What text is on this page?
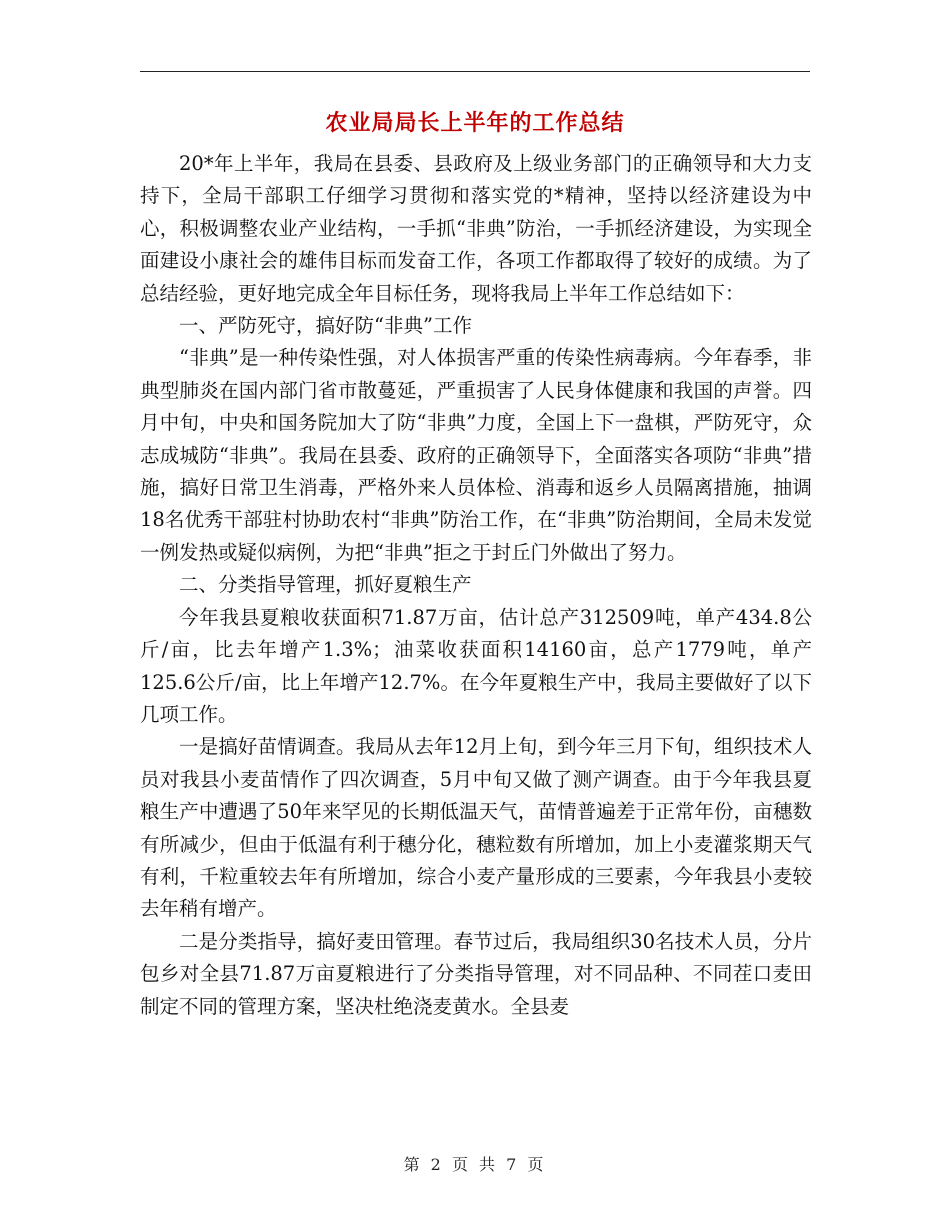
农业局局长上半年的工作总结

20*年上半年，我局在县委、县政府及上级业务部门的正确领导和大力支持下，全局干部职工仔细学习贯彻和落实党的*精神，坚持以经济建设为中心，积极调整农业产业结构，一手抓“非典”防治，一手抓经济建设，为实现全面建设小康社会的雄伟目标而发奋工作，各项工作都取得了较好的成绩。为了总结经验，更好地完成全年目标任务，现将我局上半年工作总结如下：

一、严防死守，搞好防“非典”工作

“非典”是一种传染性强，对人体损害严重的传染性病毒病。今年春季，非典型肺炎在国内部门省市散蔓延，严重损害了人民身体健康和我国的声誉。四月中旬，中央和国务院加大了防“非典”力度，全国上下一盘棋，严防死守，众志成城防“非典”。我局在县委、政府的正确领导下，全面落实各项防“非典”措施，搞好日常卫生消毒，严格外来人员体检、消毒和返乡人员隔离措施，抽调18名优秀干部驻村协助农村“非典”防治工作，在“非典”防治期间，全局未发觉一例发热或疑似病例，为把“非典”拒之于封丘门外做出了努力。

二、分类指导管理，抓好夏粮生产

今年我县夏粮收获面积71.87万亩，估计总产312509吨，单产434.8公斤/亩，比去年增产1.3%；油菜收获面积14160亩，总产1779吨，单产125.6公斤/亩，比上年增产12.7%。在今年夏粮生产中，我局主要做好了以下几项工作。

一是搞好苗情调查。我局从去年12月上旬，到今年三月下旬，组织技术人员对我县小麦苗情作了四次调查，5月中旬又做了测产调查。由于今年我县夏粮生产中遭遇了50年来罕见的长期低温天气，苗情普遍差于正常年份，亩穗数有所减少，但由于低温有利于穗分化，穗粒数有所增加，加上小麦灌浆期天气有利，千粒重较去年有所增加，综合小麦产量形成的三要素，今年我县小麦较去年稍有增产。

二是分类指导，搞好麦田管理。春节过后，我局组织30名技术人员，分片包乡对全县71.87万亩夏粮进行了分类指导管理，对不同品种、不同茬口麦田制定不同的管理方案，坚决杜绝浇麦黄水。全县麦

第 2 页 共 7 页
